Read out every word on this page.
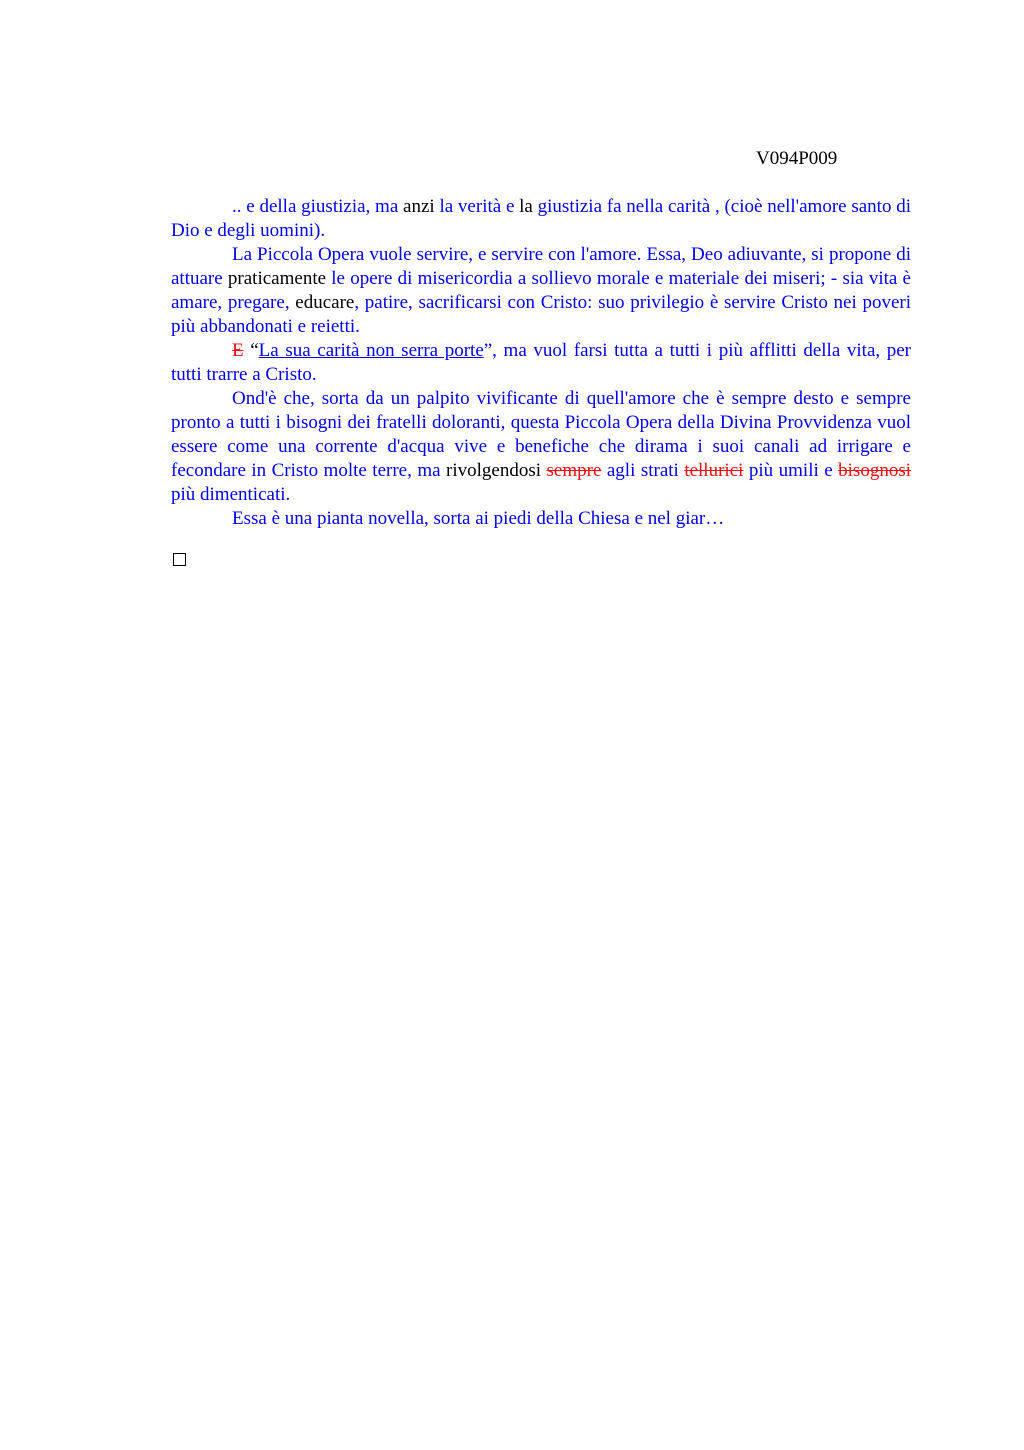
V094P009

.. e della giustizia, ma anzi la verità e la giustizia fa nella carità , (cioè nell'amore santo di Dio e degli uomini).

La Piccola Opera vuole servire, e servire con l'amore. Essa, Deo adiuvante, si propone di attuare praticamente le opere di misericordia a sollievo morale e materiale dei miseri; - sia vita è amare, pregare, educare, patire, sacrificarsi con Cristo: suo privilegio è servire Cristo nei poveri più abbandonati e reietti.

E “La sua carità non serra porte”, ma vuol farsi tutta a tutti i più afflitti della vita, per tutti trarre a Cristo.

Ond'è che, sorta da un palpito vivificante di quell'amore che è sempre desto e sempre pronto a tutti i bisogni dei fratelli doloranti, questa Piccola Opera della Divina Provvidenza vuol essere come una corrente d'acqua vive e benefiche che dirama i suoi canali ad irrigare e fecondare in Cristo molte terre, ma rivolgendosi sempre agli strati tellurici più umili e bisognosi più dimenticati.

Essa è una pianta novella, sorta ai piedi della Chiesa e nel giar…
